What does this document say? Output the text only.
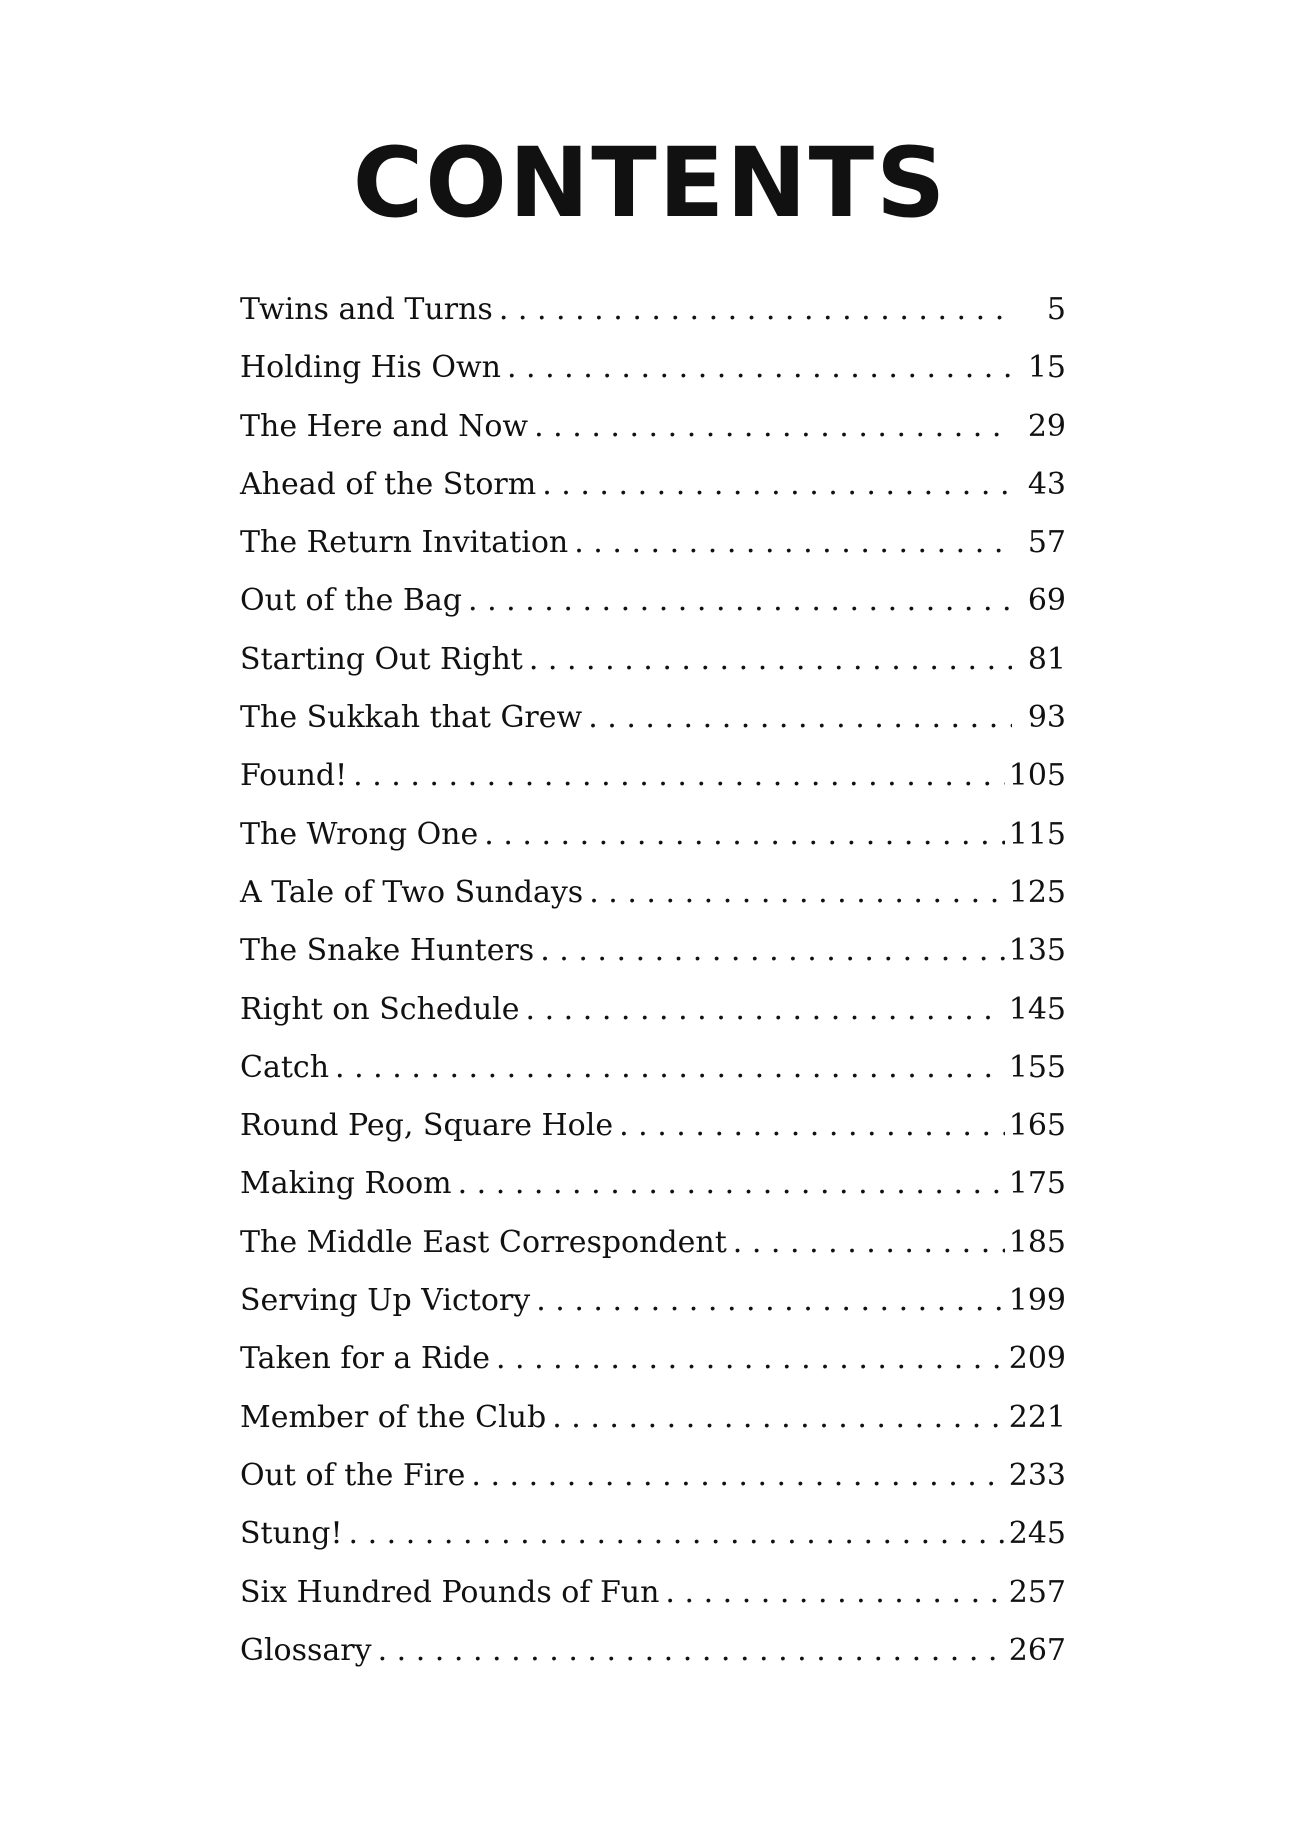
CONTENTS
Twins and Turns . . .	5
Holding His Own . . .	15
The Here and Now . . .	29
Ahead of the Storm . . .	43
The Return Invitation . . .	57
Out of the Bag . . .	69
Starting Out Right . . .	81
The Sukkah that Grew . . .	93
Found! . . .	105
The Wrong One . . .	115
A Tale of Two Sundays . . .	125
The Snake Hunters . . .	135
Right on Schedule . . .	145
Catch . . .	155
Round Peg, Square Hole . . .	165
Making Room . . .	175
The Middle East Correspondent . . .	185
Serving Up Victory . . .	199
Taken for a Ride . . .	209
Member of the Club . . .	221
Out of the Fire . . .	233
Stung! . . .	245
Six Hundred Pounds of Fun . . .	257
Glossary . . .	267
